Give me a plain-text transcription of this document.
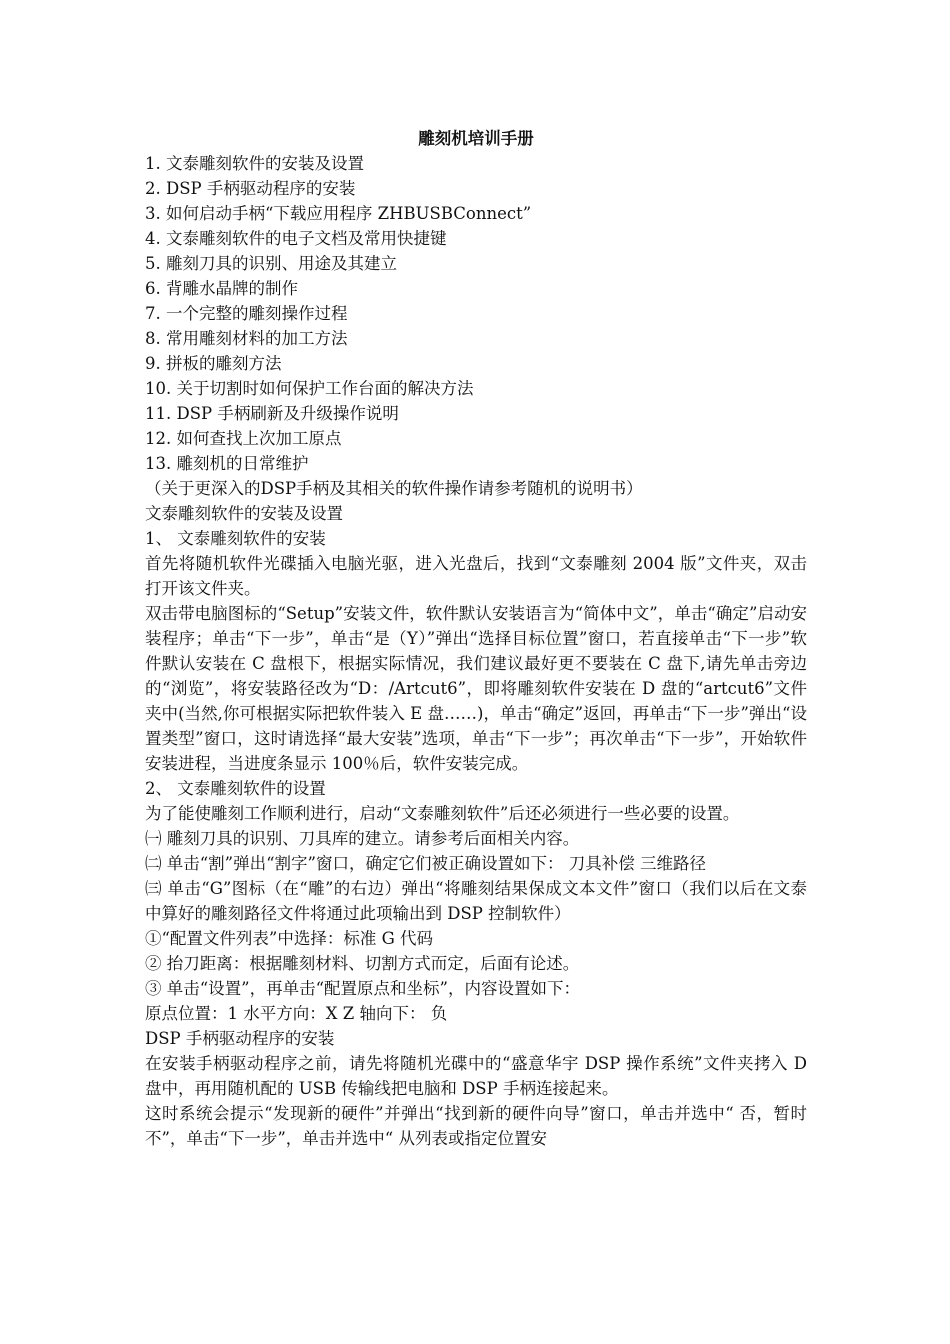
雕刻机培训手册

1. 文泰雕刻软件的安装及设置

2. DSP 手柄驱动程序的安装

3. 如何启动手柄“下载应用程序 ZHBUSBConnect”

4. 文泰雕刻软件的电子文档及常用快捷键

5. 雕刻刀具的识别、用途及其建立

6. 背雕水晶牌的制作

7. 一个完整的雕刻操作过程

8. 常用雕刻材料的加工方法

9. 拼板的雕刻方法

10. 关于切割时如何保护工作台面的解决方法

11. DSP 手柄刷新及升级操作说明

12. 如何查找上次加工原点

13. 雕刻机的日常维护

（关于更深入的DSP手柄及其相关的软件操作请参考随机的说明书）

文泰雕刻软件的安装及设置

1、 文泰雕刻软件的安装

首先将随机软件光碟插入电脑光驱，进入光盘后，找到“文泰雕刻 2004 版”文件夹，双击打开该文件夹。

双击带电脑图标的“Setup”安装文件，软件默认安装语言为“简体中文”，单击“确定”启动安装程序；单击“下一步”，单击“是（Y）”弹出“选择目标位置”窗口，若直接单击“下一步”软件默认安装在 C 盘根下，根据实际情况，我们建议最好更不要装在 C 盘下,请先单击旁边的“浏览”，将安装路径改为“D：/Artcut6”，即将雕刻软件安装在 D 盘的“artcut6”文件夹中(当然,你可根据实际把软件装入 E 盘……)，单击“确定”返回，再单击“下一步”弹出“设置类型”窗口，这时请选择“最大安装”选项，单击“下一步”；再次单击“下一步”，开始软件安装进程，当进度条显示 100％后，软件安装完成。

2、 文泰雕刻软件的设置

为了能使雕刻工作顺利进行，启动“文泰雕刻软件”后还必须进行一些必要的设置。

㈠ 雕刻刀具的识别、刀具库的建立。请参考后面相关内容。

㈡ 单击“割”弹出“割字”窗口，确定它们被正确设置如下： 刀具补偿 三维路径

㈢ 单击“G”图标（在“雕”的右边）弹出“将雕刻结果保成文本文件”窗口（我们以后在文泰中算好的雕刻路径文件将通过此项输出到 DSP 控制软件）

①“配置文件列表”中选择：标准 G 代码

② 抬刀距离：根据雕刻材料、切割方式而定，后面有论述。

③ 单击“设置”，再单击“配置原点和坐标”，内容设置如下：

原点位置：1 水平方向：X Z 轴向下： 负

DSP 手柄驱动程序的安装

在安装手柄驱动程序之前，请先将随机光碟中的“盛意华宇 DSP 操作系统”文件夹拷入 D 盘中，再用随机配的 USB 传输线把电脑和 DSP 手柄连接起来。

这时系统会提示“发现新的硬件”并弹出“找到新的硬件向导”窗口，单击并选中“ 否，暂时不”，单击“下一步”，单击并选中“ 从列表或指定位置安
